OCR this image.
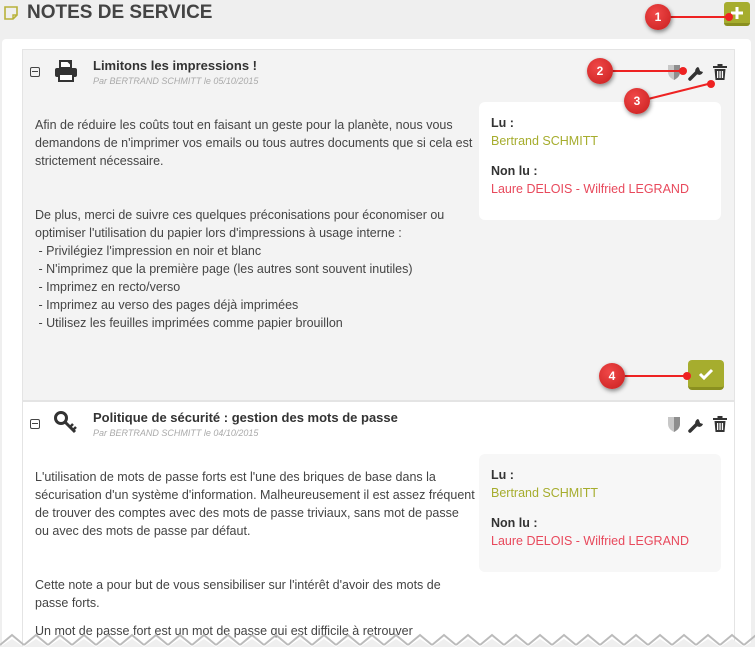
NOTES DE SERVICE
Limitons les impressions !
Par BERTRAND SCHMITT le 05/10/2015

Afin de réduire les coûts tout en faisant un geste pour la planète, nous vous demandons de n'imprimer vos emails ou tous autres documents que si cela est strictement nécessaire.

De plus, merci de suivre ces quelques préconisations pour économiser ou optimiser l'utilisation du papier lors d'impressions à usage interne :
- Privilégiez l'impression en noir et blanc
- N'imprimez que la première page (les autres sont souvent inutiles)
- Imprimez en recto/verso
- Imprimez au verso des pages déjà imprimées
- Utilisez les feuilles imprimées comme papier brouillon
Lu :
Bertrand SCHMITT
Non lu :
Laure DELOIS - Wilfried LEGRAND
Politique de sécurité : gestion des mots de passe
Par BERTRAND SCHMITT le 04/10/2015

L'utilisation de mots de passe forts est l'une des briques de base dans la sécurisation d'un système d'information. Malheureusement il est assez fréquent de trouver des comptes avec des mots de passe triviaux, sans mot de passe ou avec des mots de passe par défaut.

Cette note a pour but de vous sensibiliser sur l'intérêt d'avoir des mots de passe forts.

Lu :
Bertrand SCHMITT
Non lu :
Laure DELOIS - Wilfried LEGRAND
1
2
3
4
